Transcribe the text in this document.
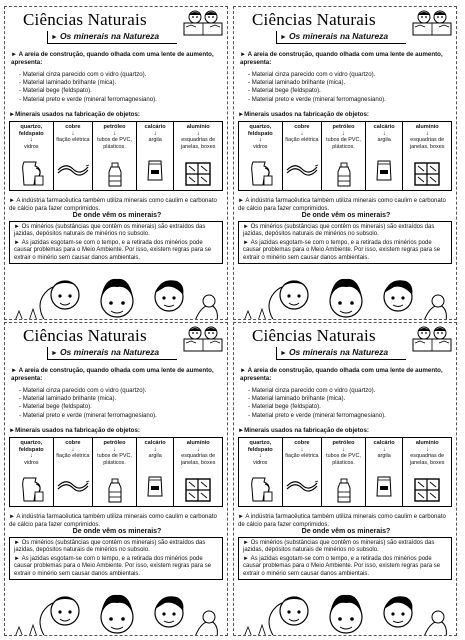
Ciências Naturais
► Os minerais na Natureza
► A areia de construção, quando olhada com uma lente de aumento, apresenta:
- Material cinza parecido com o vidro (quartzo).
- Material laminado brilhante (mica).
- Material bege (feldspato).
- Material preto e verde (mineral ferromagnesiano).
►Minerais usados na fabricação de objetos:
quartzo, feldspato
↓
vidros
cobre
↓
fiação elétrica
petróleo
↓
tubos de PVC, plásticos.
calcário
↓
argila
alumínio
↓
esquadrias de janelas, boxes
► A indústria farmacêutica também utiliza minerais como caulim e carbonato de cálcio para fazer comprimidos.
De onde vêm os minerais?

► Os minérios (substâncias que contêm os minerais) são extraídos das jazidas, depósitos naturais de minérios no subsolo.

► As jazidas esgotam-se com o tempo, e a retirada dos minérios pode causar problemas para o Meio Ambiente. Por isso, existem regras para se extrair o minério sem causar danos ambientais.

Ciências Naturais
► Os minerais na Natureza
► A areia de construção, quando olhada com uma lente de aumento, apresenta:
- Material cinza parecido com o vidro (quartzo).
- Material laminado brilhante (mica).
- Material bege (feldspato).
- Material preto e verde (mineral ferromagnesiano).
►Minerais usados na fabricação de objetos:
quartzo, feldspato
↓
vidros
cobre
↓
fiação elétrica
petróleo
↓
tubos de PVC, plásticos.
calcário
↓
argila
alumínio
↓
esquadrias de janelas, boxes
► A indústria farmacêutica também utiliza minerais como caulim e carbonato de cálcio para fazer comprimidos.
De onde vêm os minerais?

► Os minérios (substâncias que contêm os minerais) são extraídos das jazidas, depósitos naturais de minérios no subsolo.

► As jazidas esgotam-se com o tempo, e a retirada dos minérios pode causar problemas para o Meio Ambiente. Por isso, existem regras para se extrair o minério sem causar danos ambientais.

Ciências Naturais
► Os minerais na Natureza
► A areia de construção, quando olhada com uma lente de aumento, apresenta:
- Material cinza parecido com o vidro (quartzo).
- Material laminado brilhante (mica).
- Material bege (feldspato).
- Material preto e verde (mineral ferromagnesiano).
►Minerais usados na fabricação de objetos:
quartzo, feldspato
↓
vidros
cobre
↓
fiação elétrica
petróleo
↓
tubos de PVC, plásticos.
calcário
↓
argila
alumínio
↓
esquadrias de janelas, boxes
► A indústria farmacêutica também utiliza minerais como caulim e carbonato de cálcio para fazer comprimidos.
De onde vêm os minerais?

► Os minérios (substâncias que contêm os minerais) são extraídos das jazidas, depósitos naturais de minérios no subsolo.

► As jazidas esgotam-se com o tempo, e a retirada dos minérios pode causar problemas para o Meio Ambiente. Por isso, existem regras para se extrair o minério sem causar danos ambientais.

Ciências Naturais
► Os minerais na Natureza
► A areia de construção, quando olhada com uma lente de aumento, apresenta:
- Material cinza parecido com o vidro (quartzo).
- Material laminado brilhante (mica).
- Material bege (feldspato).
- Material preto e verde (mineral ferromagnesiano).
►Minerais usados na fabricação de objetos:
quartzo, feldspato
↓
vidros
cobre
↓
fiação elétrica
petróleo
↓
tubos de PVC, plásticos.
calcário
↓
argila
alumínio
↓
esquadrias de janelas, boxes
► A indústria farmacêutica também utiliza minerais como caulim e carbonato de cálcio para fazer comprimidos.
De onde vêm os minerais?

► Os minérios (substâncias que contêm os minerais) são extraídos das jazidas, depósitos naturais de minérios no subsolo.

► As jazidas esgotam-se com o tempo, e a retirada dos minérios pode causar problemas para o Meio Ambiente. Por isso, existem regras para se extrair o minério sem causar danos ambientais.
